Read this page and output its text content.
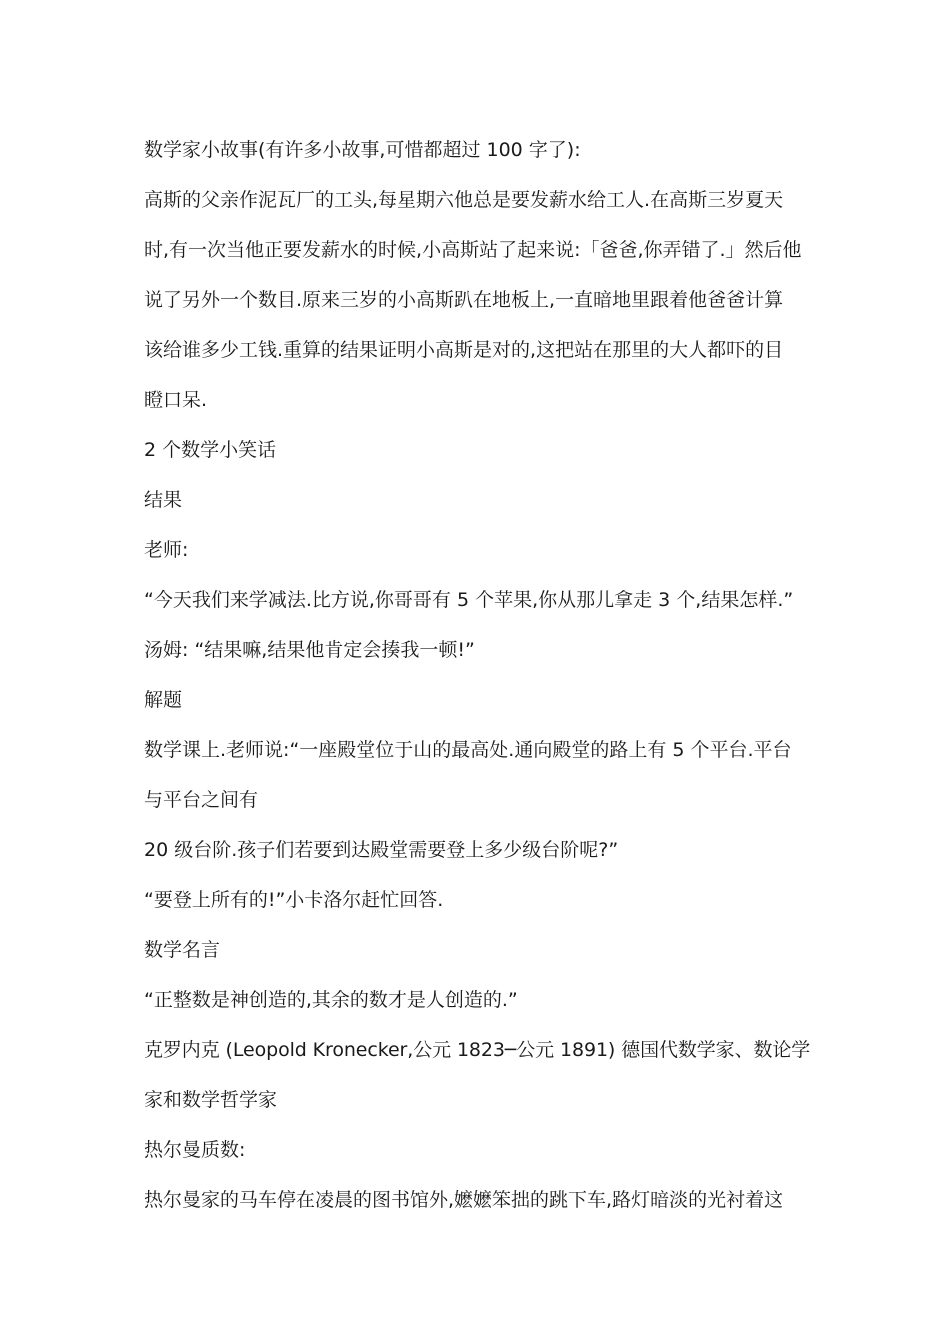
数学家小故事(有许多小故事,可惜都超过 100 字了):
高斯的父亲作泥瓦厂的工头,每星期六他总是要发薪水给工人.在高斯三岁夏天
时,有一次当他正要发薪水的时候,小高斯站了起来说:「爸爸,你弄错了.」然后他
说了另外一个数目.原来三岁的小高斯趴在地板上,一直暗地里跟着他爸爸计算
该给谁多少工钱.重算的结果证明小高斯是对的,这把站在那里的大人都吓的目
瞪口呆.
2 个数学小笑话
结果
老师:
“今天我们来学减法.比方说,你哥哥有 5 个苹果,你从那儿拿走 3 个,结果怎样.”
汤姆: “结果嘛,结果他肯定会揍我一顿!”
解题
数学课上.老师说:“一座殿堂位于山的最高处.通向殿堂的路上有 5 个平台.平台
与平台之间有
20 级台阶.孩子们若要到达殿堂需要登上多少级台阶呢?”
“要登上所有的!”小卡洛尔赶忙回答.
数学名言
“正整数是神创造的,其余的数才是人创造的.”
克罗内克 (Leopold Kronecker,公元 1823─公元 1891) 德国代数学家、数论学
家和数学哲学家
热尔曼质数:
热尔曼家的马车停在凌晨的图书馆外,嬷嬷笨拙的跳下车,路灯暗淡的光衬着这
